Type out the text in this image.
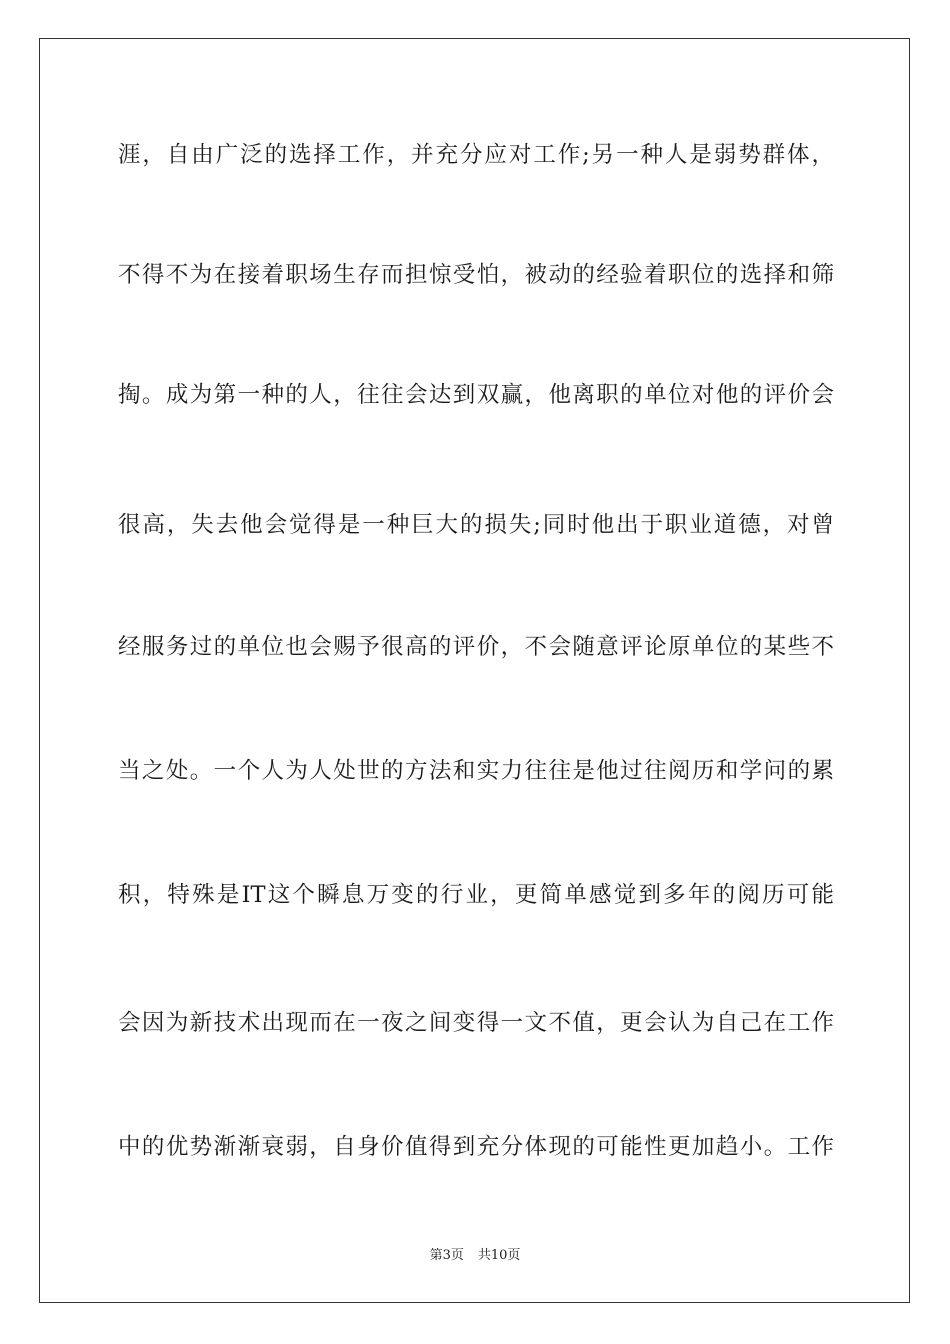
涯，自由广泛的选择工作，并充分应对工作;另一种人是弱势群体，
不得不为在接着职场生存而担惊受怕，被动的经验着职位的选择和筛
掏。成为第一种的人，往往会达到双赢，他离职的单位对他的评价会
很高，失去他会觉得是一种巨大的损失;同时他出于职业道德，对曾
经服务过的单位也会赐予很高的评价，不会随意评论原单位的某些不
当之处。一个人为人处世的方法和实力往往是他过往阅历和学问的累
积，特殊是IT这个瞬息万变的行业，更简单感觉到多年的阅历可能
会因为新技术出现而在一夜之间变得一文不值，更会认为自己在工作
中的优势渐渐衰弱，自身价值得到充分体现的可能性更加趋小。工作
第3页 共10页
